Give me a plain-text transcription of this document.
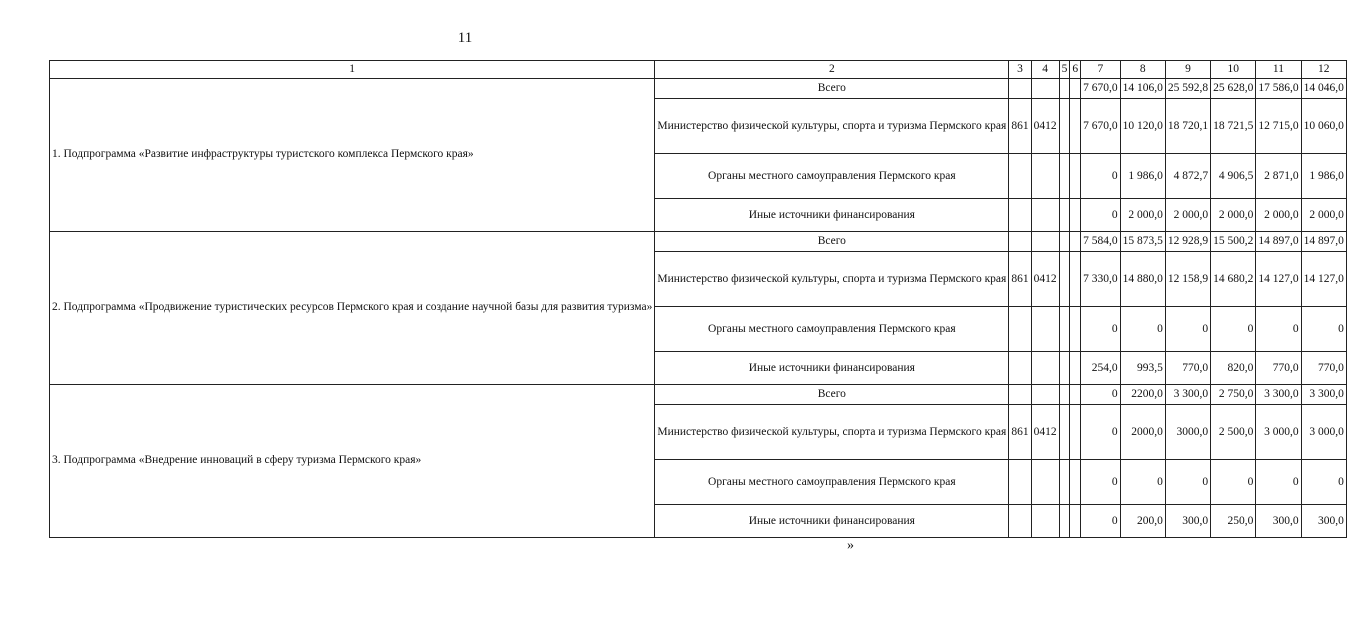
11
1	2	3	4	5	6	7	8	9	10	11	12
1. Подпрограмма «Развитие инфраструктуры туристского комплекса Пермского края»	Всего					7 670,0	14 106,0	25 592,8	25 628,0	17 586,0	14 046,0
	Министерство физической культуры, спорта и туризма Пермского края	861	0412			7 670,0	10 120,0	18 720,1	18 721,5	12 715,0	10 060,0
	Органы местного самоуправления Пермского края					0	1 986,0	4 872,7	4 906,5	2 871,0	1 986,0
	Иные источники финансирования					0	2 000,0	2 000,0	2 000,0	2 000,0	2 000,0
2. Подпрограмма «Продвижение туристических ресурсов Пермского края и создание научной базы для развития туризма»	Всего					7 584,0	15 873,5	12 928,9	15 500,2	14 897,0	14 897,0
	Министерство физической культуры, спорта и туризма Пермского края	861	0412			7 330,0	14 880,0	12 158,9	14 680,2	14 127,0	14 127,0
	Органы местного самоуправления Пермского края					0	0	0	0	0	0
	Иные источники финансирования					254,0	993,5	770,0	820,0	770,0	770,0
3. Подпрограмма «Внедрение инноваций в сферу туризма Пермского края»	Всего					0	2200,0	3 300,0	2 750,0	3 300,0	3 300,0
	Министерство физической культуры, спорта и туризма Пермского края	861	0412			0	2000,0	3000,0	2 500,0	3 000,0	3 000,0
	Органы местного самоуправления Пермского края					0	0	0	0	0	0
	Иные источники финансирования					0	200,0	300,0	250,0	300,0	300,0
»
